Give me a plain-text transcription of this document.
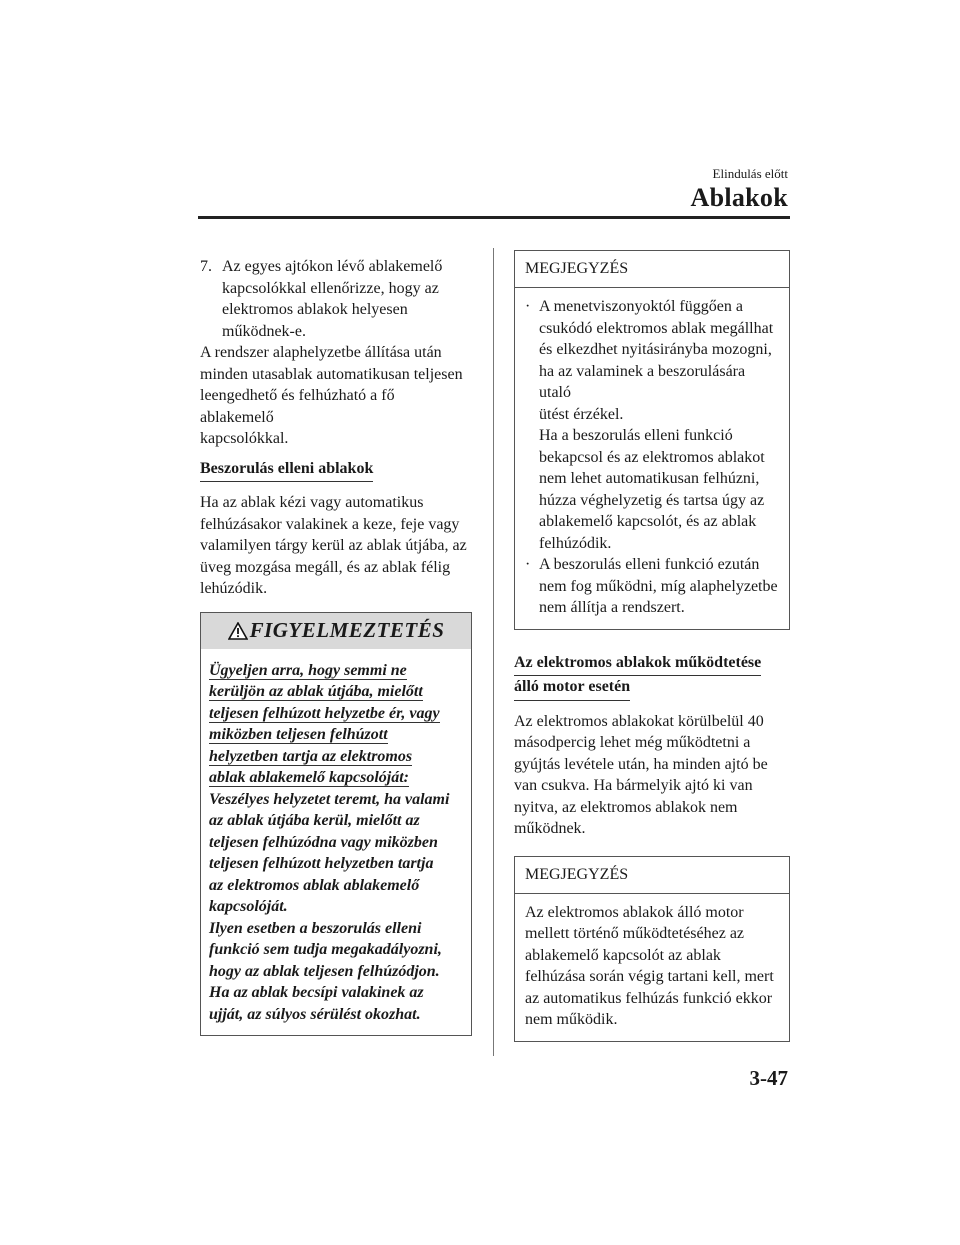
Elindulás előtt
Ablakok
7. Az egyes ajtókon lévő ablakemelő
kapcsolókkal ellenőrizze, hogy az
elektromos ablakok helyesen
működnek-e.

A rendszer alaphelyzetbe állítása után
minden utasablak automatikusan teljesen
leengedhető és felhúzható a fő ablakemelő
kapcsolókkal.

Beszorulás elleni ablakok

Ha az ablak kézi vagy automatikus
felhúzásakor valakinek a keze, feje vagy
valamilyen tárgy kerül az ablak útjába, az
üveg mozgása megáll, és az ablak félig
lehúzódik.

FIGYELMEZTETÉS
Ügyeljen arra, hogy semmi ne
kerüljön az ablak útjába, mielőtt
teljesen felhúzott helyzetbe ér, vagy
miközben teljesen felhúzott
helyzetben tartja az elektromos
ablak ablakemelő kapcsolóját:
Veszélyes helyzetet teremt, ha valami
az ablak útjába kerül, mielőtt az
teljesen felhúzódna vagy miközben
teljesen felhúzott helyzetben tartja
az elektromos ablak ablakemelő
kapcsolóját.
Ilyen esetben a beszorulás elleni
funkció sem tudja megakadályozni,
hogy az ablak teljesen felhúzódjon.
Ha az ablak becsípi valakinek az
ujját, az súlyos sérülést okozhat.
MEGJEGYZÉS
· A menetviszonyoktól függően a
csukódó elektromos ablak megállhat
és elkezdhet nyitásirányba mozogni,
ha az valaminek a beszorulására utaló
ütést érzékel.
Ha a beszorulás elleni funkció
bekapcsol és az elektromos ablakot
nem lehet automatikusan felhúzni,
húzza véghelyzetig és tartsa úgy az
ablakemelő kapcsolót, és az ablak
felhúzódik.
· A beszorulás elleni funkció ezután
nem fog működni, míg alaphelyzetbe
nem állítja a rendszert.
Az elektromos ablakok működtetése
álló motor esetén

Az elektromos ablakokat körülbelül 40
másodpercig lehet még működtetni a
gyújtás levétele után, ha minden ajtó be
van csukva. Ha bármelyik ajtó ki van
nyitva, az elektromos ablakok nem
működnek.

MEGJEGYZÉS
Az elektromos ablakok álló motor
mellett történő működtetéséhez az
ablakemelő kapcsolót az ablak
felhúzása során végig tartani kell, mert
az automatikus felhúzás funkció ekkor
nem működik.
3-47
